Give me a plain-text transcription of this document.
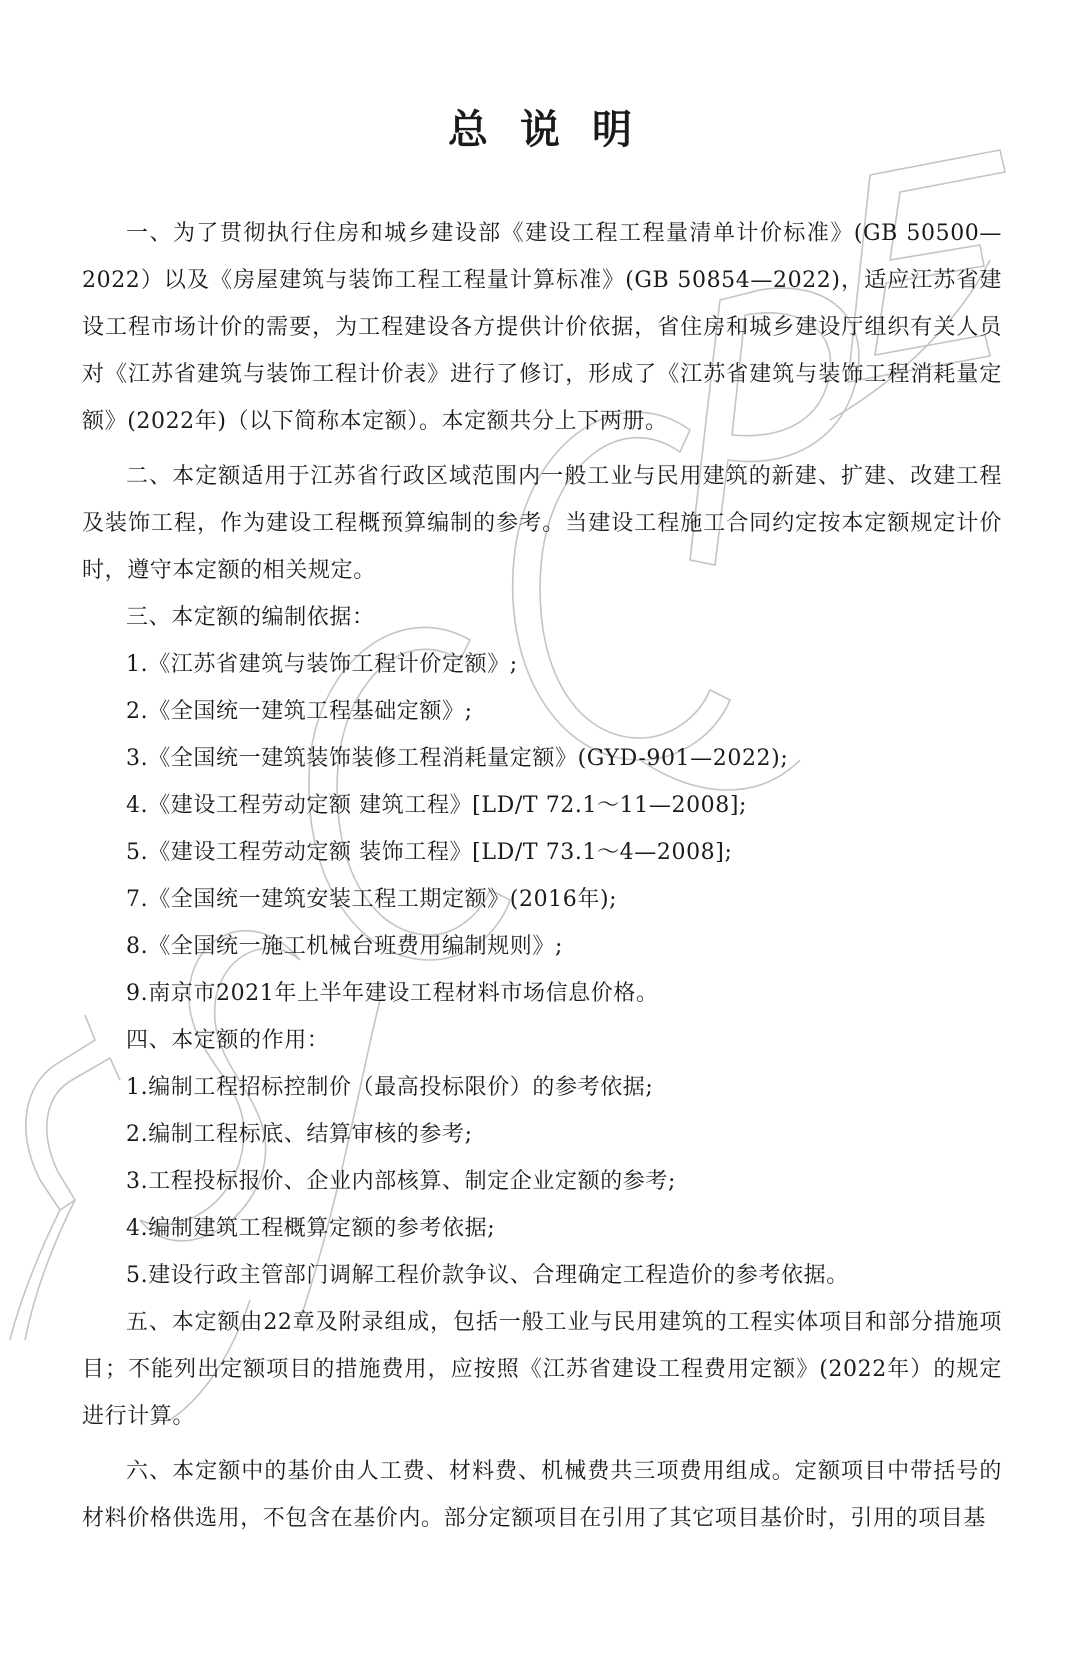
总说明

一、为了贯彻执行住房和城乡建设部《建设工程工程量清单计价标准》(GB 50500—2022）以及《房屋建筑与装饰工程工程量计算标准》(GB 50854—2022)，适应江苏省建设工程市场计价的需要，为工程建设各方提供计价依据，省住房和城乡建设厅组织有关人员对《江苏省建筑与装饰工程计价表》进行了修订，形成了《江苏省建筑与装饰工程消耗量定额》(2022年)（以下简称本定额）。本定额共分上下两册。

二、本定额适用于江苏省行政区域范围内一般工业与民用建筑的新建、扩建、改建工程及装饰工程，作为建设工程概预算编制的参考。当建设工程施工合同约定按本定额规定计价时，遵守本定额的相关规定。

三、本定额的编制依据：

1.《江苏省建筑与装饰工程计价定额》;

2.《全国统一建筑工程基础定额》;

3.《全国统一建筑装饰装修工程消耗量定额》(GYD-901—2022);

4.《建设工程劳动定额 建筑工程》[LD/T 72.1～11—2008];

5.《建设工程劳动定额 装饰工程》[LD/T 73.1～4—2008];

7.《全国统一建筑安装工程工期定额》(2016年);

8.《全国统一施工机械台班费用编制规则》;

9.南京市2021年上半年建设工程材料市场信息价格。

四、本定额的作用：

1.编制工程招标控制价（最高投标限价）的参考依据;

2.编制工程标底、结算审核的参考;

3.工程投标报价、企业内部核算、制定企业定额的参考;

4.编制建筑工程概算定额的参考依据;

5.建设行政主管部门调解工程价款争议、合理确定工程造价的参考依据。

五、本定额由22章及附录组成，包括一般工业与民用建筑的工程实体项目和部分措施项目；不能列出定额项目的措施费用，应按照《江苏省建设工程费用定额》(2022年）的规定进行计算。

六、本定额中的基价由人工费、材料费、机械费共三项费用组成。定额项目中带括号的材料价格供选用，不包含在基价内。部分定额项目在引用了其它项目基价时，引用的项目基
